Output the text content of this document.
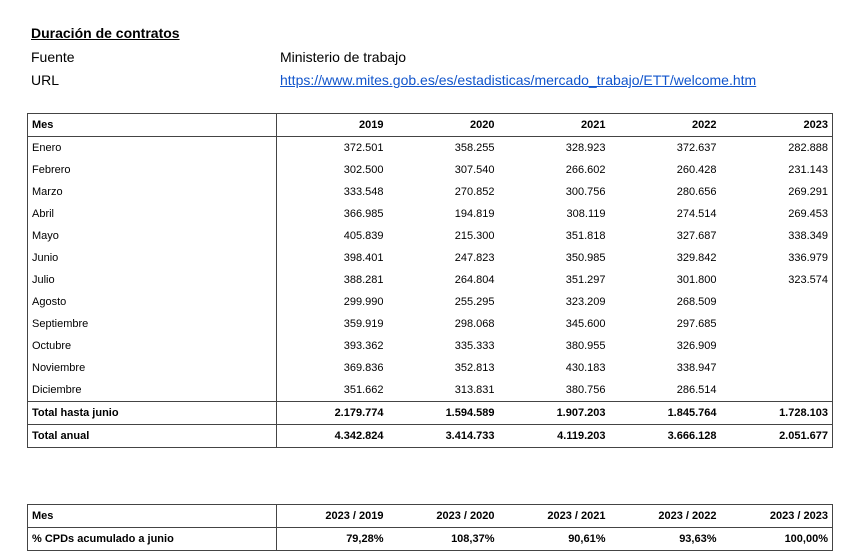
Duración de contratos
Fuente	Ministerio de trabajo
URL	https://www.mites.gob.es/es/estadisticas/mercado_trabajo/ETT/welcome.htm
Mes	2019	2020	2021	2022	2023
Enero	372.501	358.255	328.923	372.637	282.888
Febrero	302.500	307.540	266.602	260.428	231.143
Marzo	333.548	270.852	300.756	280.656	269.291
Abril	366.985	194.819	308.119	274.514	269.453
Mayo	405.839	215.300	351.818	327.687	338.349
Junio	398.401	247.823	350.985	329.842	336.979
Julio	388.281	264.804	351.297	301.800	323.574
Agosto	299.990	255.295	323.209	268.509	
Septiembre	359.919	298.068	345.600	297.685	
Octubre	393.362	335.333	380.955	326.909	
Noviembre	369.836	352.813	430.183	338.947	
Diciembre	351.662	313.831	380.756	286.514	
Total hasta junio	2.179.774	1.594.589	1.907.203	1.845.764	1.728.103
Total anual	4.342.824	3.414.733	4.119.203	3.666.128	2.051.677
Mes	2023 / 2019	2023 / 2020	2023 / 2021	2023 / 2022	2023 / 2023
% CPDs acumulado a junio	79,28%	108,37%	90,61%	93,63%	100,00%
